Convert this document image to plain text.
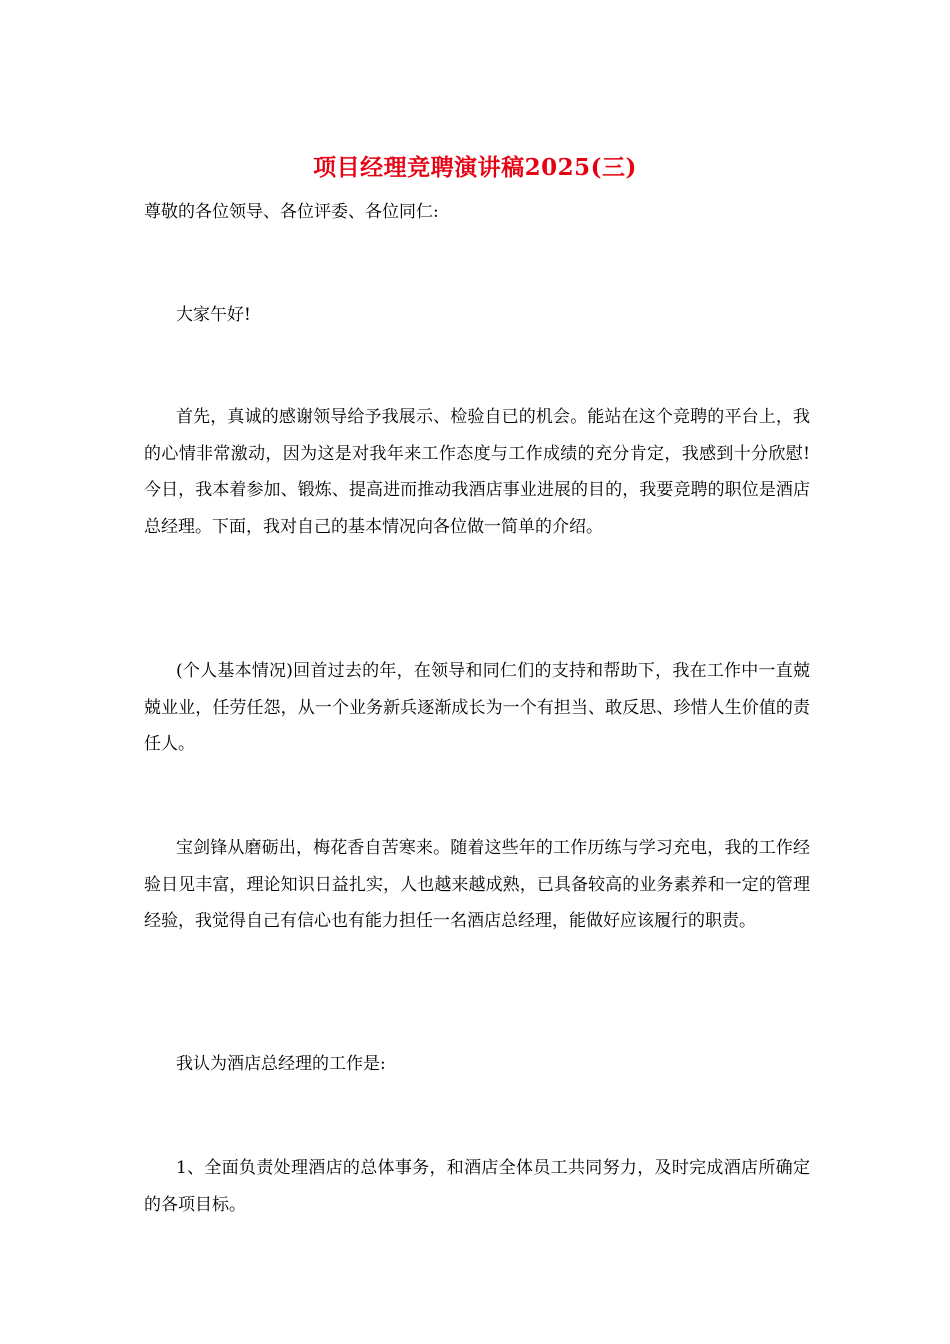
项目经理竞聘演讲稿2025(三)
尊敬的各位领导、各位评委、各位同仁:
大家午好!
首先，真诚的感谢领导给予我展示、检验自已的机会。能站在这个竞聘的平台上，我的心情非常激动，因为这是对我年来工作态度与工作成绩的充分肯定，我感到十分欣慰!今日，我本着参加、锻炼、提高进而推动我酒店事业进展的目的，我要竞聘的职位是酒店总经理。下面，我对自己的基本情况向各位做一简单的介绍。
(个人基本情况)回首过去的年，在领导和同仁们的支持和帮助下，我在工作中一直兢兢业业，任劳任怨，从一个业务新兵逐渐成长为一个有担当、敢反思、珍惜人生价值的责任人。
宝剑锋从磨砺出，梅花香自苦寒来。随着这些年的工作历练与学习充电，我的工作经验日见丰富，理论知识日益扎实，人也越来越成熟，已具备较高的业务素养和一定的管理经验，我觉得自己有信心也有能力担任一名酒店总经理，能做好应该履行的职责。
我认为酒店总经理的工作是:
1、全面负责处理酒店的总体事务，和酒店全体员工共同努力，及时完成酒店所确定的各项目标。
